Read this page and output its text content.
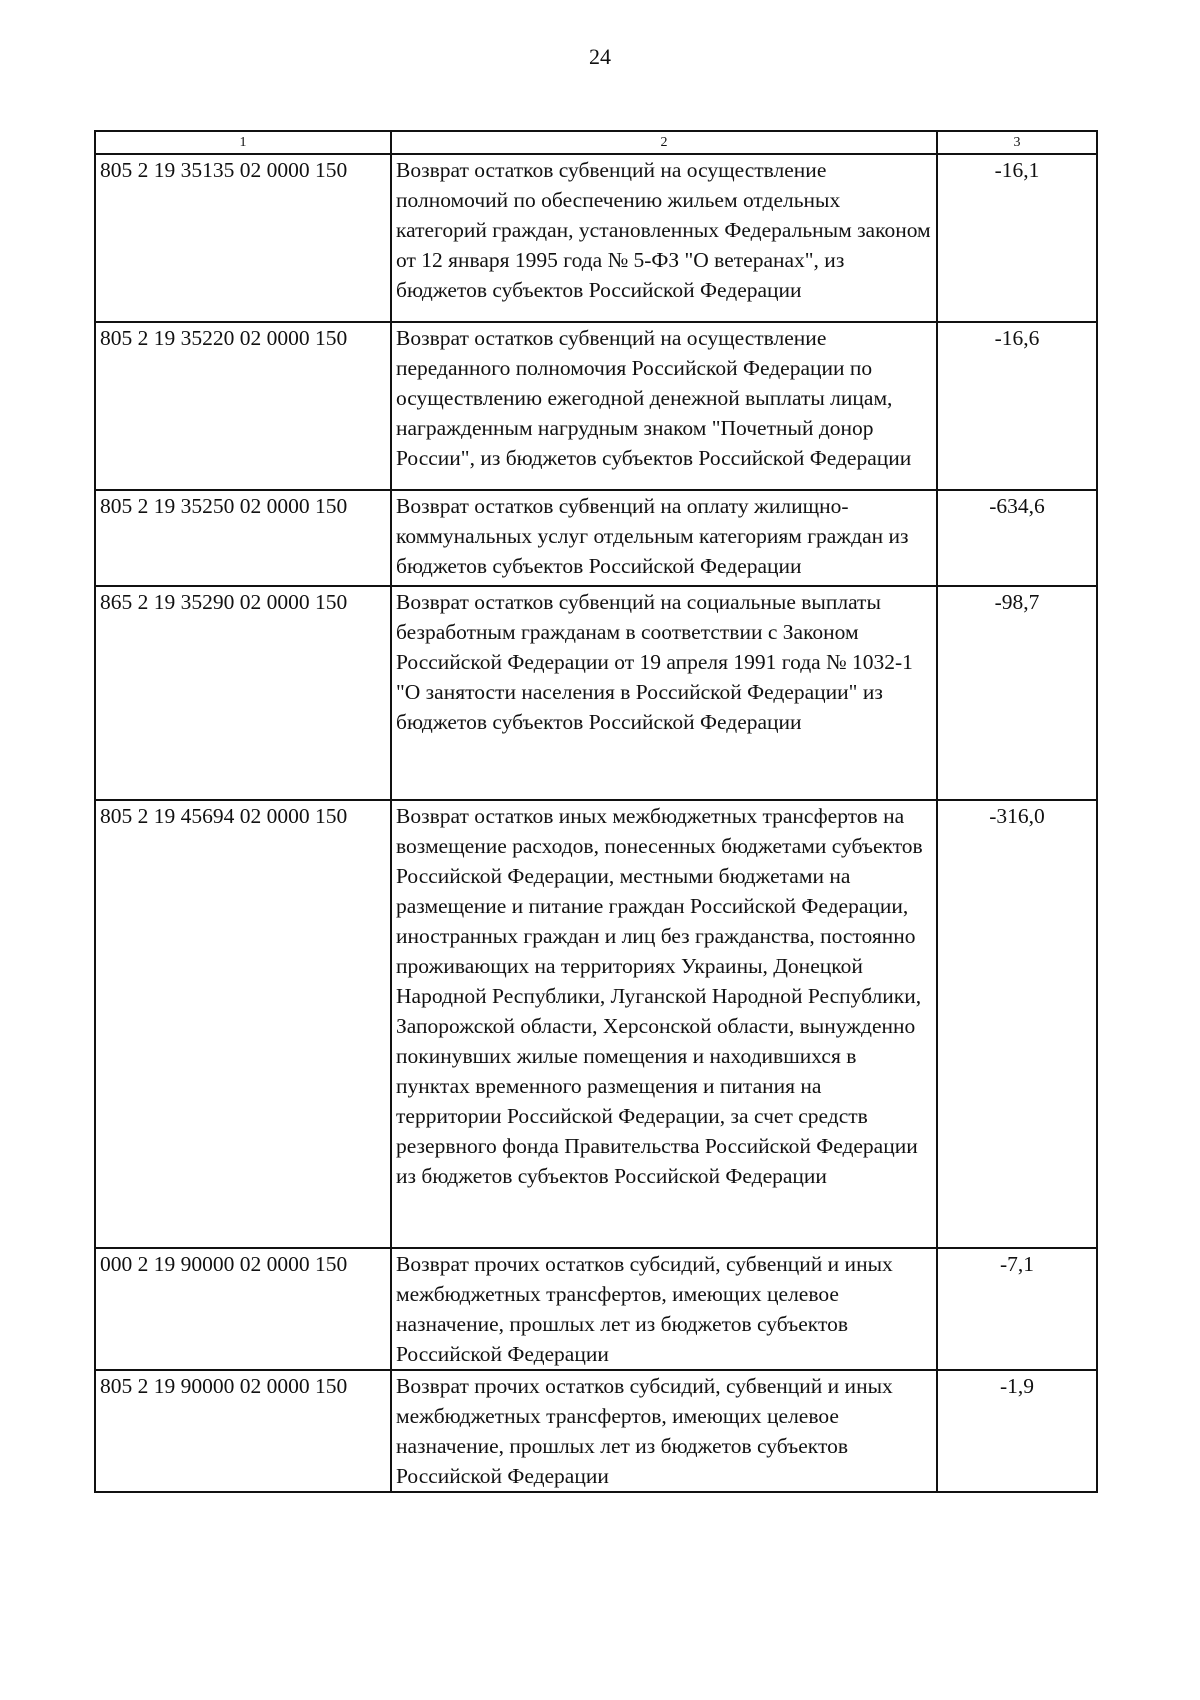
24
1	2	3
805 2 19 35135 02 0000 150	Возврат остатков субвенций на осуществление полномочий по обеспечению жильем отдельных категорий граждан, установленных Федеральным законом от 12 января 1995 года № 5-ФЗ "О ветеранах", из бюджетов субъектов Российской Федерации	-16,1
805 2 19 35220 02 0000 150	Возврат остатков субвенций на осуществление переданного полномочия Российской Федерации по осуществлению ежегодной денежной выплаты лицам, награжденным нагрудным знаком "Почетный донор России", из бюджетов субъектов Российской Федерации	-16,6
805 2 19 35250 02 0000 150	Возврат остатков субвенций на оплату жилищно-коммунальных услуг отдельным категориям граждан из бюджетов субъектов Российской Федерации	-634,6
865 2 19 35290 02 0000 150	Возврат остатков субвенций на социальные выплаты безработным гражданам в соответствии с Законом Российской Федерации от 19 апреля 1991 года № 1032-1 "О занятости населения в Российской Федерации" из бюджетов субъектов Российской Федерации	-98,7
805 2 19 45694 02 0000 150	Возврат остатков иных межбюджетных трансфертов на возмещение расходов, понесенных бюджетами субъектов Российской Федерации, местными бюджетами на размещение и питание граждан Российской Федерации, иностранных граждан и лиц без гражданства, постоянно проживающих на территориях Украины, Донецкой Народной Республики, Луганской Народной Республики, Запорожской области, Херсонской области, вынужденно покинувших жилые помещения и находившихся в пунктах временного размещения и питания на территории Российской Федерации, за счет средств резервного фонда Правительства Российской Федерации из бюджетов субъектов Российской Федерации	-316,0
000 2 19 90000 02 0000 150	Возврат прочих остатков субсидий, субвенций и иных межбюджетных трансфертов, имеющих целевое назначение, прошлых лет из бюджетов субъектов Российской Федерации	-7,1
805 2 19 90000 02 0000 150	Возврат прочих остатков субсидий, субвенций и иных межбюджетных трансфертов, имеющих целевое назначение, прошлых лет из бюджетов субъектов Российской Федерации	-1,9
